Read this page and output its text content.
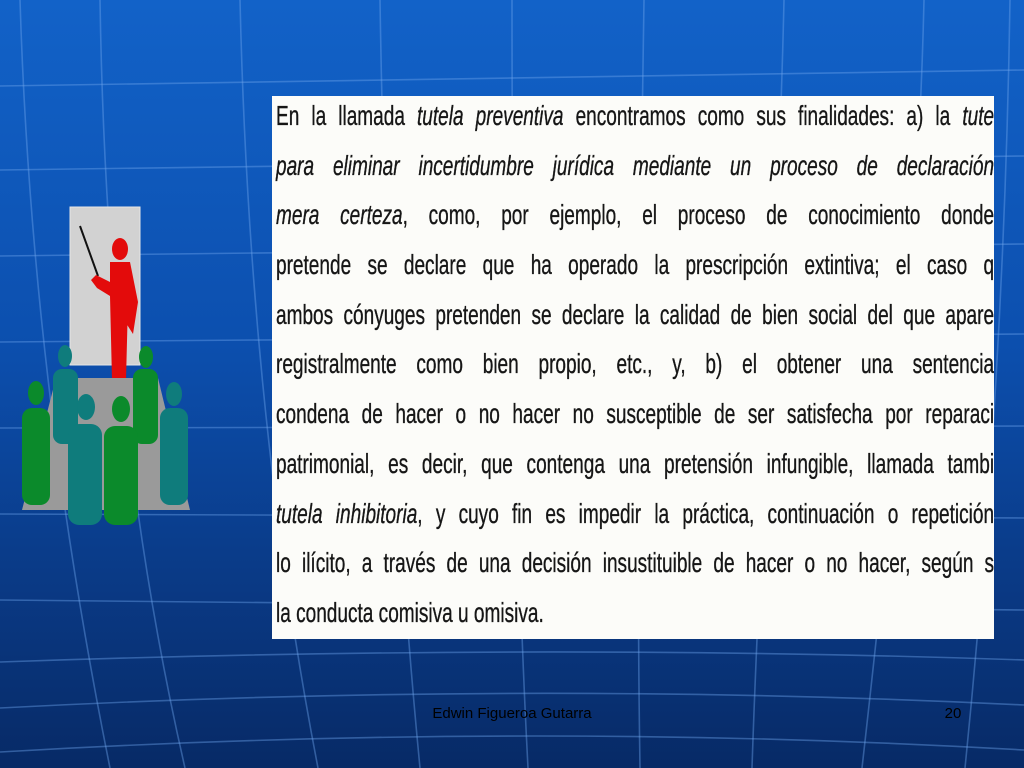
En la llamada tutela preventiva encontramos como sus finalidades: a) la tute
para eliminar incertidumbre jurídica mediante un proceso de declaración
mera certeza, como, por ejemplo, el proceso de conocimiento donde
pretende se declare que ha operado la prescripción extintiva; el caso q
ambos cónyuges pretenden se declare la calidad de bien social del que apare
registralmente como bien propio, etc., y, b) el obtener una sentencia
condena de hacer o no hacer no susceptible de ser satisfecha por reparaci
patrimonial, es decir, que contenga una pretensión infungible, llamada tambi
tutela inhibitoria, y cuyo fin es impedir la práctica, continuación o repetición
lo ilícito, a través de una decisión insustituible de hacer o no hacer, según s
la conducta comisiva u omisiva.
Edwin Figueroa Gutarra	20
